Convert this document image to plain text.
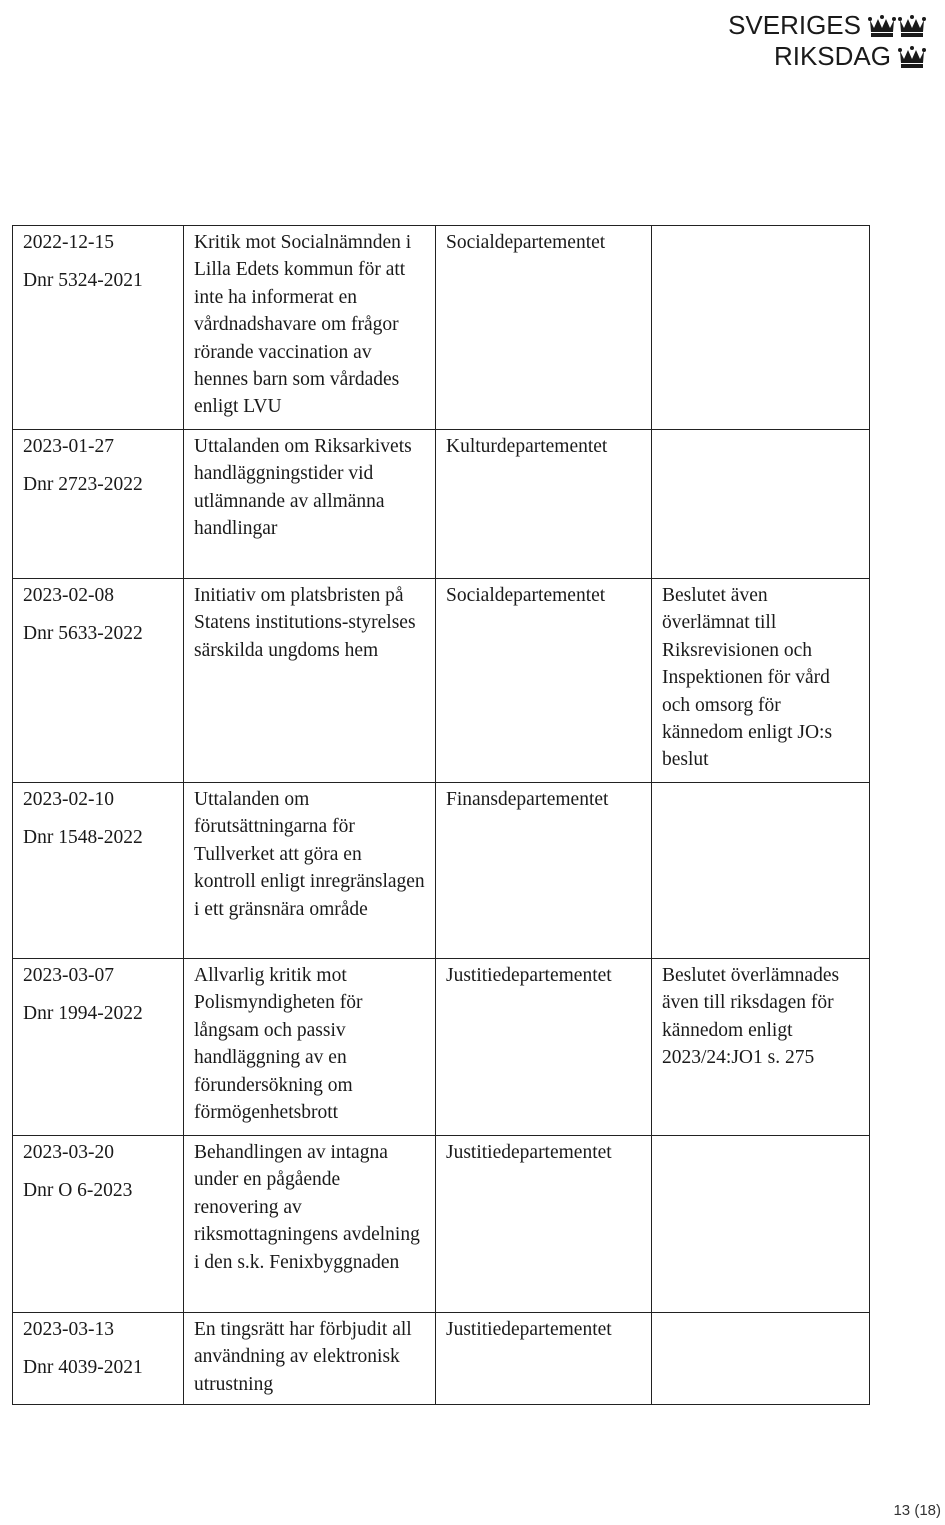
SVERIGES
RIKSDAG
2022-12-15
Dnr 5324-2021	Kritik mot Socialnämnden i Lilla Edets kommun för att inte ha informerat en vårdnadshavare om frågor rörande vaccination av hennes barn som vårdades enligt LVU	Socialdepartementet	
2023-01-27
Dnr 2723-2022	Uttalanden om Riksarkivets handläggningstider vid utlämnande av allmänna handlingar	Kulturdepartementet	
2023-02-08
Dnr 5633-2022	Initiativ om platsbristen på Statens institutions-styrelses särskilda ungdoms hem	Socialdepartementet	Beslutet även överlämnat till Riksrevisionen och Inspektionen för vård och omsorg för kännedom enligt JO:s beslut
2023-02-10
Dnr 1548-2022	Uttalanden om förutsättningarna för Tullverket att göra en kontroll enligt inregränslagen i ett gränsnära område	Finansdepartementet	
2023-03-07
Dnr 1994-2022	Allvarlig kritik mot Polismyndigheten för långsam och passiv handläggning av en förundersökning om förmögenhetsbrott	Justitiedepartementet	Beslutet överlämnades även till riksdagen för kännedom enligt 2023/24:JO1 s. 275
2023-03-20
Dnr O 6-2023	Behandlingen av intagna under en pågående renovering av riksmottagningens avdelning i den s.k. Fenixbyggnaden	Justitiedepartementet	
2023-03-13
Dnr 4039-2021	En tingsrätt har förbjudit all användning av elektronisk utrustning	Justitiedepartementet	
13 (18)
